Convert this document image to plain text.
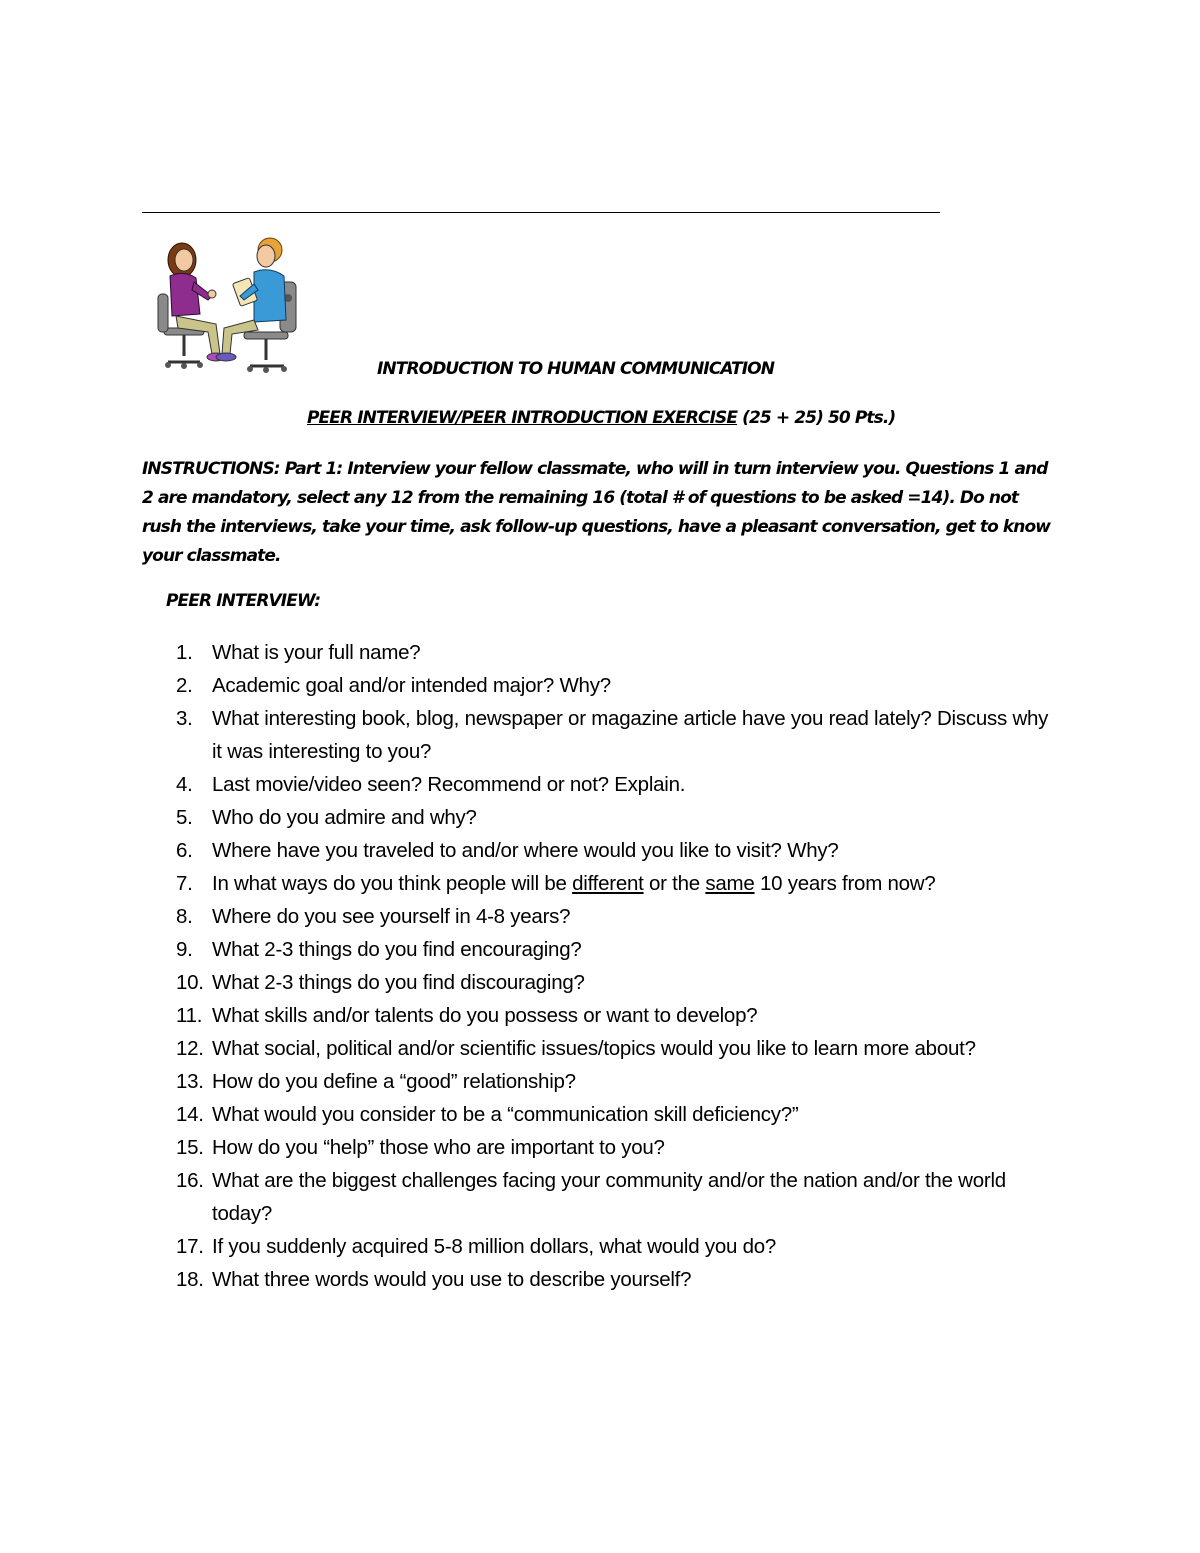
INTRODUCTION TO HUMAN COMMUNICATION
PEER INTERVIEW/PEER INTRODUCTION EXERCISE (25 + 25) 50 Pts.)
INSTRUCTIONS: Part 1: Interview your fellow classmate, who will in turn interview you. Questions 1 and 2 are mandatory, select any 12 from the remaining 16 (total # of questions to be asked =14). Do not rush the interviews, take your time, ask follow-up questions, have a pleasant conversation, get to know your classmate.
PEER INTERVIEW:
1. What is your full name?
2. Academic goal and/or intended major? Why?
3. What interesting book, blog, newspaper or magazine article have you read lately? Discuss why it was interesting to you?
4. Last movie/video seen? Recommend or not? Explain.
5. Who do you admire and why?
6. Where have you traveled to and/or where would you like to visit? Why?
7. In what ways do you think people will be different or the same 10 years from now?
8. Where do you see yourself in 4-8 years?
9. What 2-3 things do you find encouraging?
10. What 2-3 things do you find discouraging?
11. What skills and/or talents do you possess or want to develop?
12. What social, political and/or scientific issues/topics would you like to learn more about?
13. How do you define a “good” relationship?
14. What would you consider to be a “communication skill deficiency?”
15. How do you “help” those who are important to you?
16. What are the biggest challenges facing your community and/or the nation and/or the world today?
17. If you suddenly acquired 5-8 million dollars, what would you do?
18. What three words would you use to describe yourself?
